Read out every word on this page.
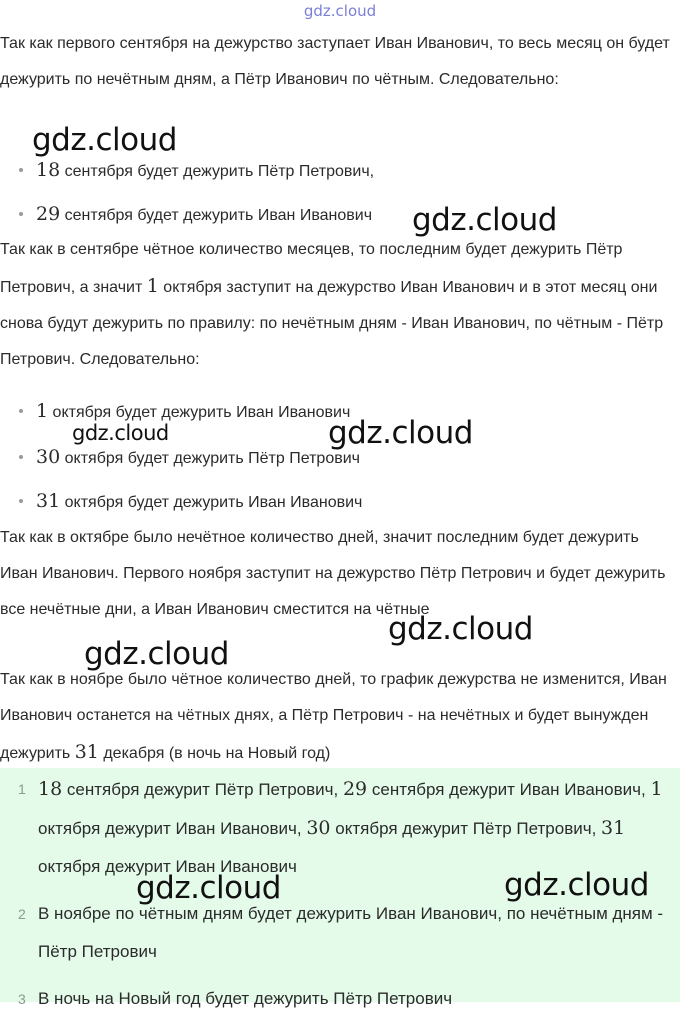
gdz.cloud

Так как первого сентября на дежурство заступает Иван Иванович, то весь месяц он будет дежурить по нечётным дням, а Пётр Иванович по чётным. Следовательно:

18 сентября будет дежурить Пётр Петрович,
29 сентября будет дежурить Иван Иванович

Так как в сентябре чётное количество месяцев, то последним будет дежурить Пётр Петрович, а значит 1 октября заступит на дежурство Иван Иванович и в этот месяц они снова будут дежурить по правилу: по нечётным дням - Иван Иванович, по чётным - Пётр Петрович. Следовательно:

1 октября будет дежурить Иван Иванович
30 октября будет дежурить Пётр Петрович
31 октября будет дежурить Иван Иванович

Так как в октябре было нечётное количество дней, значит последним будет дежурить Иван Иванович. Первого ноября заступит на дежурство Пётр Петрович и будет дежурить все нечётные дни, а Иван Иванович сместится на чётные

Так как в ноябре было чётное количество дней, то график дежурства не изменится, Иван Иванович останется на чётных днях, а Пётр Петрович - на нечётных и будет вынужден дежурить 31 декабря (в ночь на Новый год)

1 18 сентября дежурит Пётр Петрович, 29 сентября дежурит Иван Иванович, 1 октября дежурит Иван Иванович, 30 октября дежурит Пётр Петрович, 31 октября дежурит Иван Иванович
2 В ноябре по чётным дням будет дежурить Иван Иванович, по нечётным дням - Пётр Петрович
3 В ночь на Новый год будет дежурить Пётр Петрович
gdz.cloud
gdz.cloud
gdz.cloud	gdz.cloud
gdz.cloud
gdz.cloud
gdz.cloud	gdz.cloud
